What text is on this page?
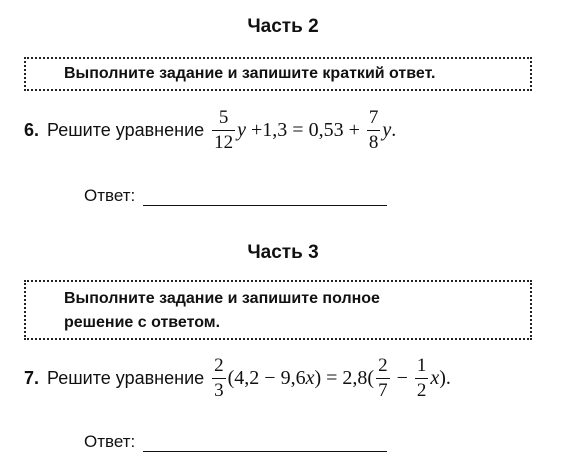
Часть 2
Выполните задание и запишите краткий ответ.
6. Решите уравнение $\frac{5}{12}$ $y +1,3 = 0,53 + \frac{7}{8}$ y .
Ответ:
Часть 3
Выполните задание и запишите полное решение с ответом.
7. Решите уравнение $\frac{2}{3} (4,2 - 9,6$ x ) = $2,8( \frac{2}{7} - \frac{1}{2}$ x ).
Ответ:
